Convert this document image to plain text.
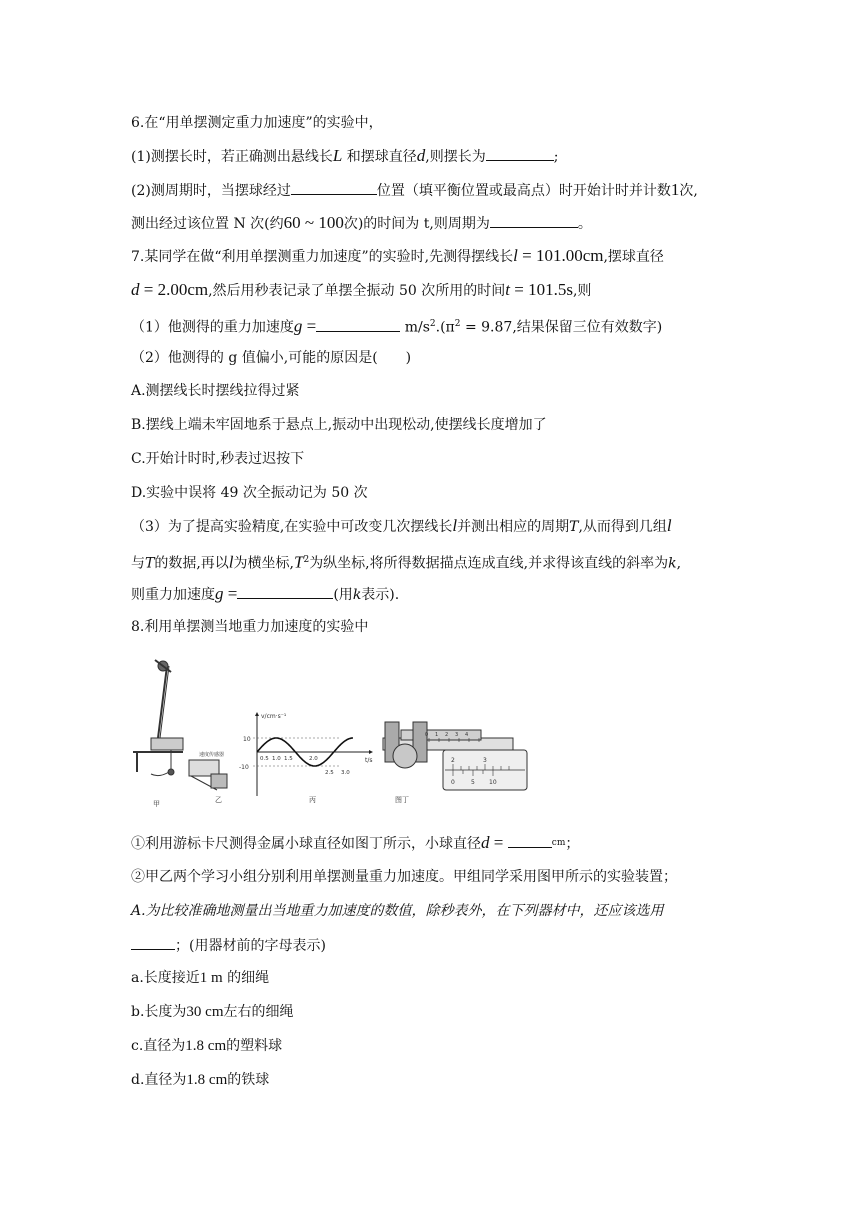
6.在“用单摆测定重力加速度”的实验中，
(1)测摆长时，若正确测出悬线长L 和摆球直径d,则摆长为	;
(2)测周期时，当摆球经过	位置（填平衡位置或最高点）时开始计时并计数1次,
测出经过该位置 N 次(约60 ~ 100次)的时间为 t,则周期为	。
7.某同学在做“利用单摆测重力加速度”的实验时,先测得摆线长l = 101.00cm,摆球直径
d = 2.00cm,然后用秒表记录了单摆全振动 50 次所用的时间t = 101.5s,则
（1）他测得的重力加速度g =	$m/s^2.(\pi^2 = 9.87$,结果保留三位有效数字)
（2）他测得的 g 值偏小,可能的原因是(　　)
A.测摆线长时摆线拉得过紧
B.摆线上端未牢固地系于悬点上,振动中出现松动,使摆线长度增加了
C.开始计时时,秒表过迟按下
D.实验中误将 49 次全振动记为 50 次
（3）为了提高实验精度,在实验中可改变几次摆线长l并测出相应的周期T,从而得到几组l
与T的数据,再以l为横坐标$,T^2$为纵坐标,将所得数据描点连成直线,并求得该直线的斜率为k,
则重力加速度g =	(用k表示).
8.利用单摆测当地重力加速度的实验中
甲
速度传感器
乙
v/cm·s⁻¹
t/s
10
-10
0.5 1.0 1.5	2.0
2.5 3.0
丙
0 1 2 3 4
2	3
0	5 10
图丁
①利用游标卡尺测得金属小球直径如图丁所示，小球直径d =	$^{cm}$；
②甲乙两个学习小组分别利用单摆测量重力加速度。甲组同学采用图甲所示的实验装置；
A.为比较准确地测量出当地重力加速度的数值，除秒表外，在下列器材中，还应该选用
；(用器材前的字母表示)
a.长度接近1 m 的细绳
b.长度为30 cm左右的细绳
c.直径为1.8 cm的塑料球
d.直径为1.8 cm的铁球
